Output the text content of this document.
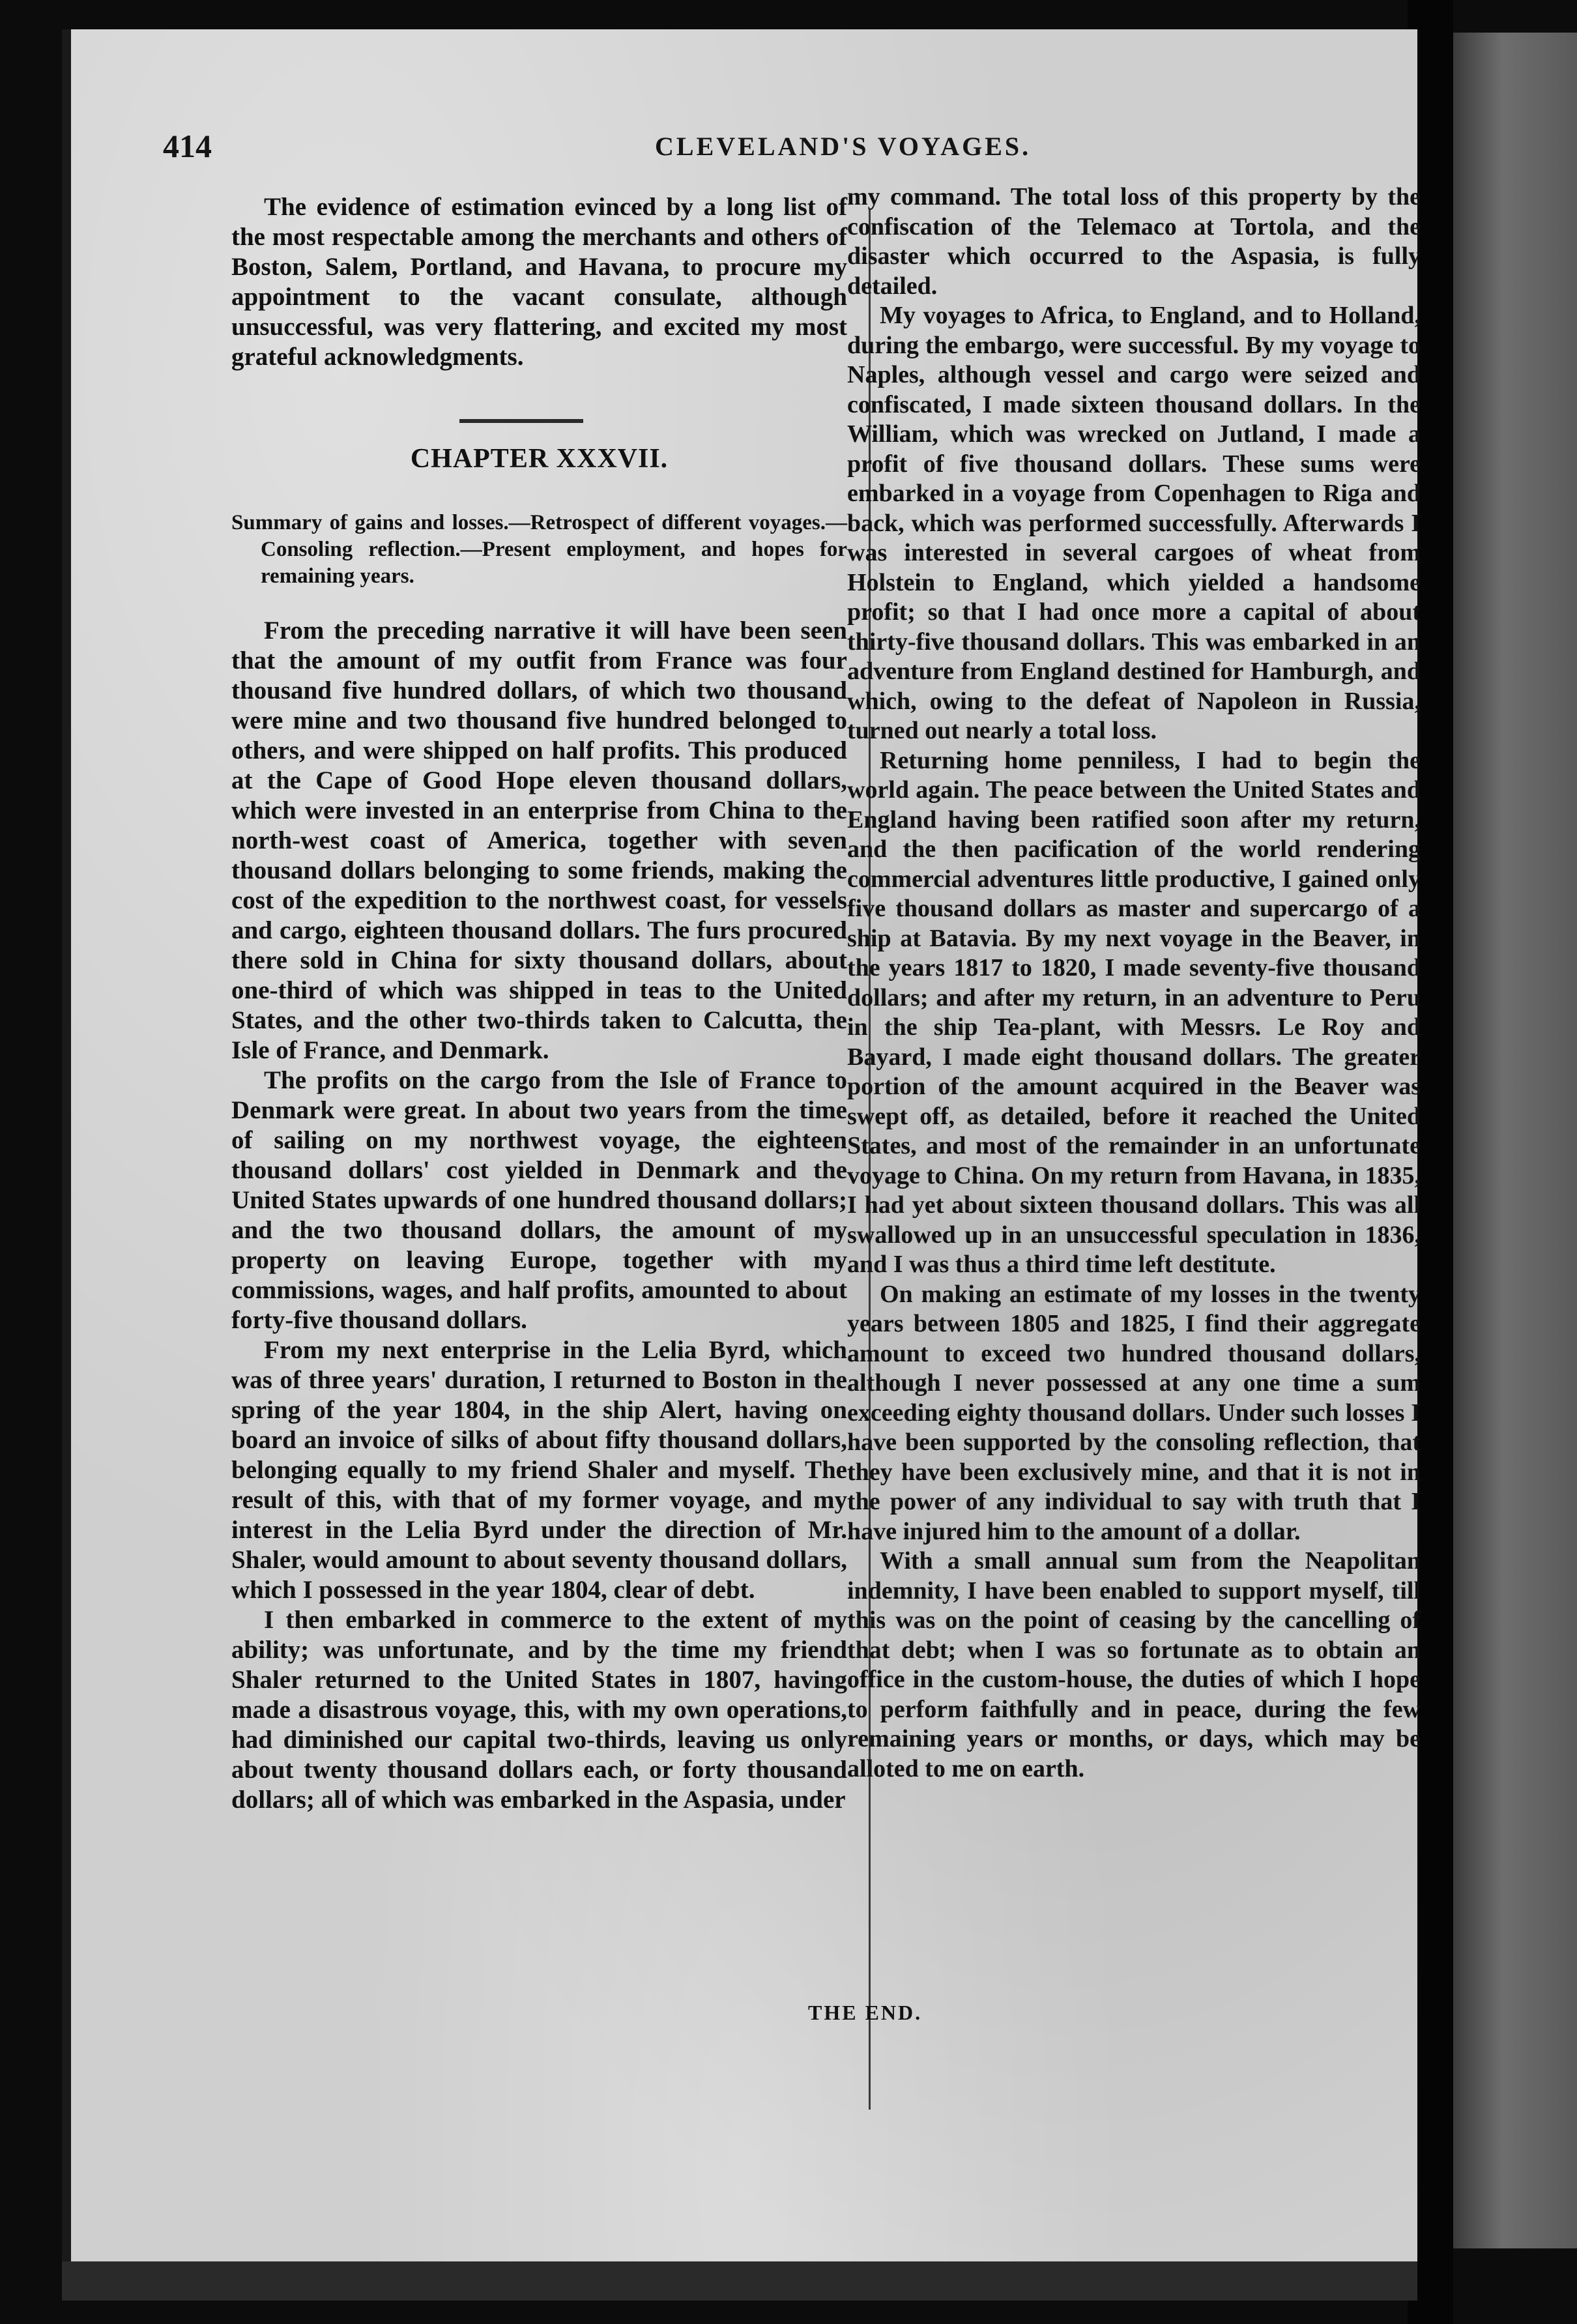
414	CLEVELAND'S VOYAGES.

The evidence of estimation evinced by a long list of the most respectable among the merchants and others of Boston, Salem, Portland, and Havana, to procure my appointment to the vacant consulate, although unsuccessful, was very flattering, and excited my most grateful acknowledgments.

CHAPTER XXXVII.
Summary of gains and losses.—Retrospect of different voyages.—Consoling reflection.—Present employment, and hopes for remaining years.

From the preceding narrative it will have been seen that the amount of my outfit from France was four thousand five hundred dollars, of which two thousand were mine and two thousand five hundred belonged to others, and were shipped on half profits. This produced at the Cape of Good Hope eleven thousand dollars, which were invested in an enterprise from China to the north-west coast of America, together with seven thousand dollars belonging to some friends, making the cost of the expedition to the northwest coast, for vessels and cargo, eighteen thousand dollars. The furs procured there sold in China for sixty thousand dollars, about one-third of which was shipped in teas to the United States, and the other two-thirds taken to Calcutta, the Isle of France, and Denmark.

The profits on the cargo from the Isle of France to Denmark were great. In about two years from the time of sailing on my northwest voyage, the eighteen thousand dollars' cost yielded in Denmark and the United States upwards of one hundred thousand dollars; and the two thousand dollars, the amount of my property on leaving Europe, together with my commissions, wages, and half profits, amounted to about forty-five thousand dollars.

From my next enterprise in the Lelia Byrd, which was of three years' duration, I returned to Boston in the spring of the year 1804, in the ship Alert, having on board an invoice of silks of about fifty thousand dollars, belonging equally to my friend Shaler and myself. The result of this, with that of my former voyage, and my interest in the Lelia Byrd under the direction of Mr. Shaler, would amount to about seventy thousand dollars, which I possessed in the year 1804, clear of debt.

I then embarked in commerce to the extent of my ability; was unfortunate, and by the time my friend Shaler returned to the United States in 1807, having made a disastrous voyage, this, with my own operations, had diminished our capital two-thirds, leaving us only about twenty thousand dollars each, or forty thousand dollars; all of which was embarked in the Aspasia, under

my command. The total loss of this property by the confiscation of the Telemaco at Tortola, and the disaster which occurred to the Aspasia, is fully detailed.

My voyages to Africa, to England, and to Holland, during the embargo, were successful. By my voyage to Naples, although vessel and cargo were seized and confiscated, I made sixteen thousand dollars. In the William, which was wrecked on Jutland, I made a profit of five thousand dollars. These sums were embarked in a voyage from Copenhagen to Riga and back, which was performed successfully. Afterwards I was interested in several cargoes of wheat from Holstein to England, which yielded a handsome profit; so that I had once more a capital of about thirty-five thousand dollars. This was embarked in an adventure from England destined for Hamburgh, and which, owing to the defeat of Napoleon in Russia, turned out nearly a total loss.

Returning home penniless, I had to begin the world again. The peace between the United States and England having been ratified soon after my return, and the then pacification of the world rendering commercial adventures little productive, I gained only five thousand dollars as master and supercargo of a ship at Batavia. By my next voyage in the Beaver, in the years 1817 to 1820, I made seventy-five thousand dollars; and after my return, in an adventure to Peru in the ship Tea-plant, with Messrs. Le Roy and Bayard, I made eight thousand dollars. The greater portion of the amount acquired in the Beaver was swept off, as detailed, before it reached the United States, and most of the remainder in an unfortunate voyage to China. On my return from Havana, in 1835, I had yet about sixteen thousand dollars. This was all swallowed up in an unsuccessful speculation in 1836, and I was thus a third time left destitute.

On making an estimate of my losses in the twenty years between 1805 and 1825, I find their aggregate amount to exceed two hundred thousand dollars, although I never possessed at any one time a sum exceeding eighty thousand dollars. Under such losses I have been supported by the consoling reflection, that they have been exclusively mine, and that it is not in the power of any individual to say with truth that I have injured him to the amount of a dollar.

With a small annual sum from the Neapolitan indemnity, I have been enabled to support myself, till this was on the point of ceasing by the cancelling of that debt; when I was so fortunate as to obtain an office in the custom-house, the duties of which I hope to perform faithfully and in peace, during the few remaining years or months, or days, which may be alloted to me on earth.

THE END.
